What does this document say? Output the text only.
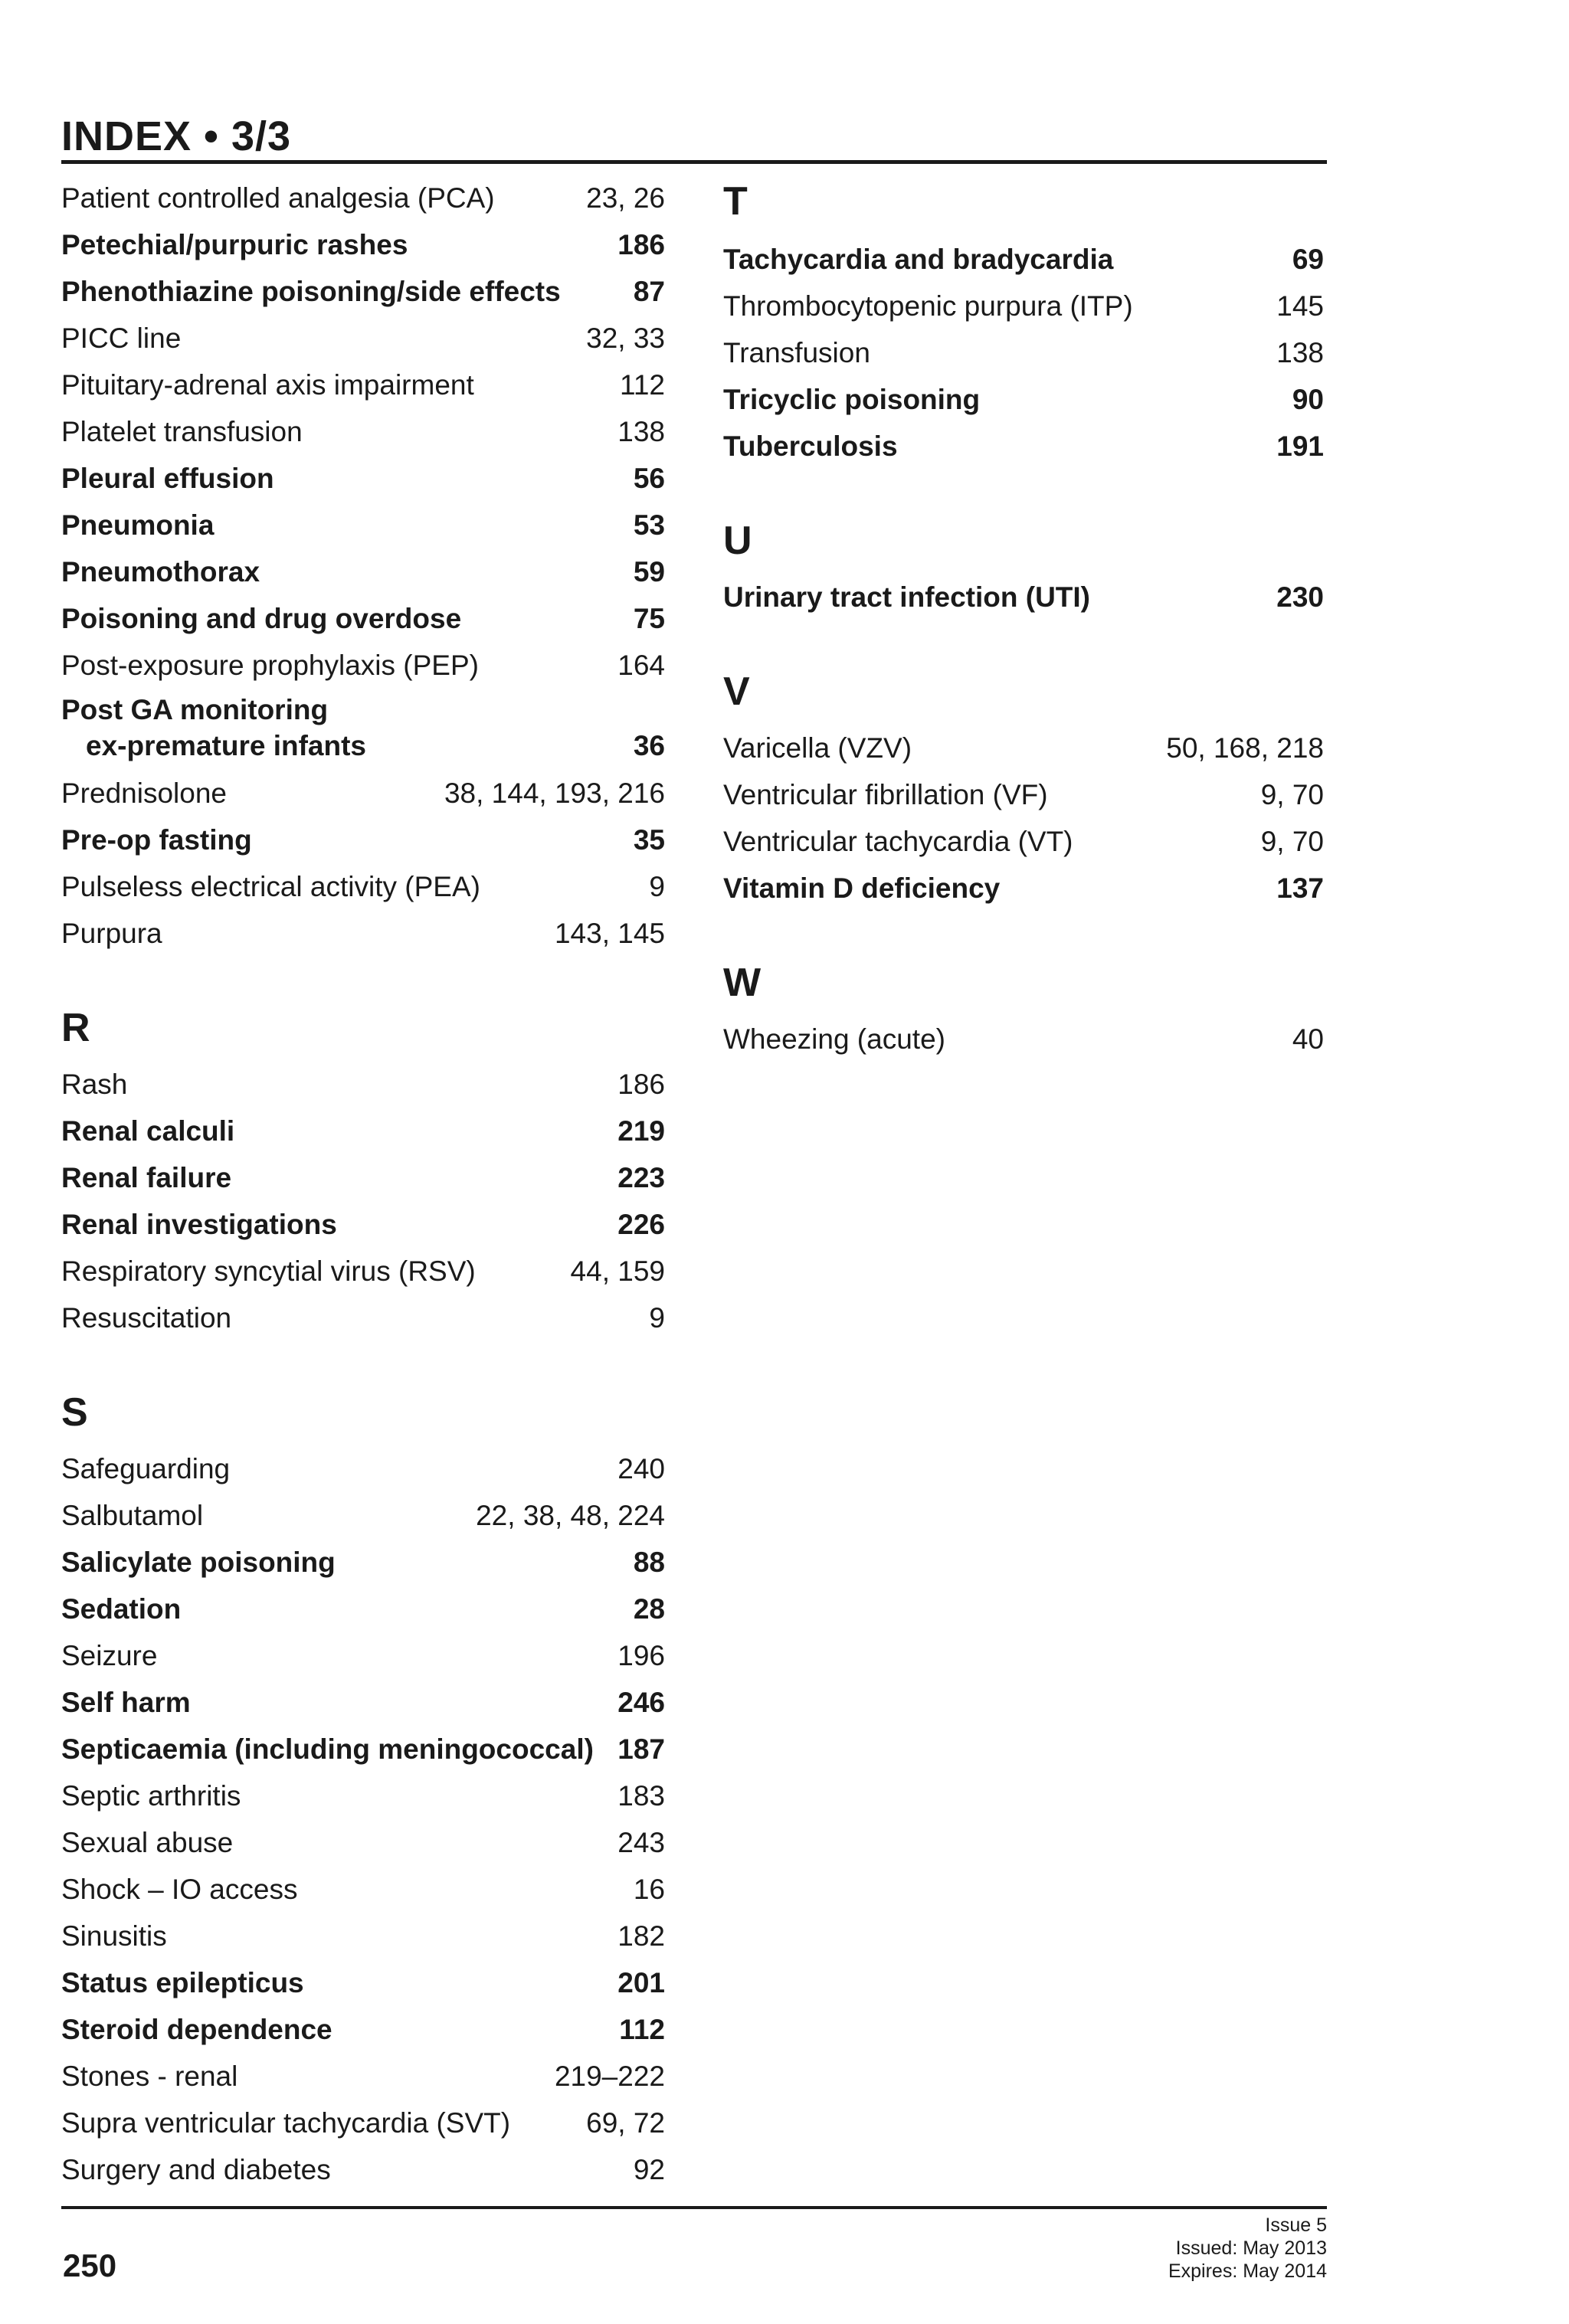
INDEX • 3/3
Patient controlled analgesia (PCA)	23, 26
Petechial/purpuric rashes	186
Phenothiazine poisoning/side effects	87
PICC line	32, 33
Pituitary-adrenal axis impairment	112
Platelet transfusion	138
Pleural effusion	56
Pneumonia	53
Pneumothorax	59
Poisoning and drug overdose	75
Post-exposure prophylaxis (PEP)	164
Post GA monitoring
ex-premature infants	36
Prednisolone	38, 144, 193, 216
Pre-op fasting	35
Pulseless electrical activity (PEA)	9
Purpura	143, 145
R
Rash	186
Renal calculi	219
Renal failure	223
Renal investigations	226
Respiratory syncytial virus (RSV)	44, 159
Resuscitation	9
S
Safeguarding	240
Salbutamol	22, 38, 48, 224
Salicylate poisoning	88
Sedation	28
Seizure	196
Self harm	246
Septicaemia (including meningococcal) 187
Septic arthritis	183
Sexual abuse	243
Shock – IO access	16
Sinusitis	182
Status epilepticus	201
Steroid dependence	112
Stones - renal	219–222
Supra ventricular tachycardia (SVT)	69, 72
Surgery and diabetes	92
T
Tachycardia and bradycardia	69
Thrombocytopenic purpura (ITP)	145
Transfusion	138
Tricyclic poisoning	90
Tuberculosis	191
U
Urinary tract infection (UTI)	230
V
Varicella (VZV)	50, 168, 218
Ventricular fibrillation (VF)	9, 70
Ventricular tachycardia (VT)	9, 70
Vitamin D deficiency	137
W
Wheezing (acute)	40
250
Issue 5
Issued: May 2013
Expires: May 2014
